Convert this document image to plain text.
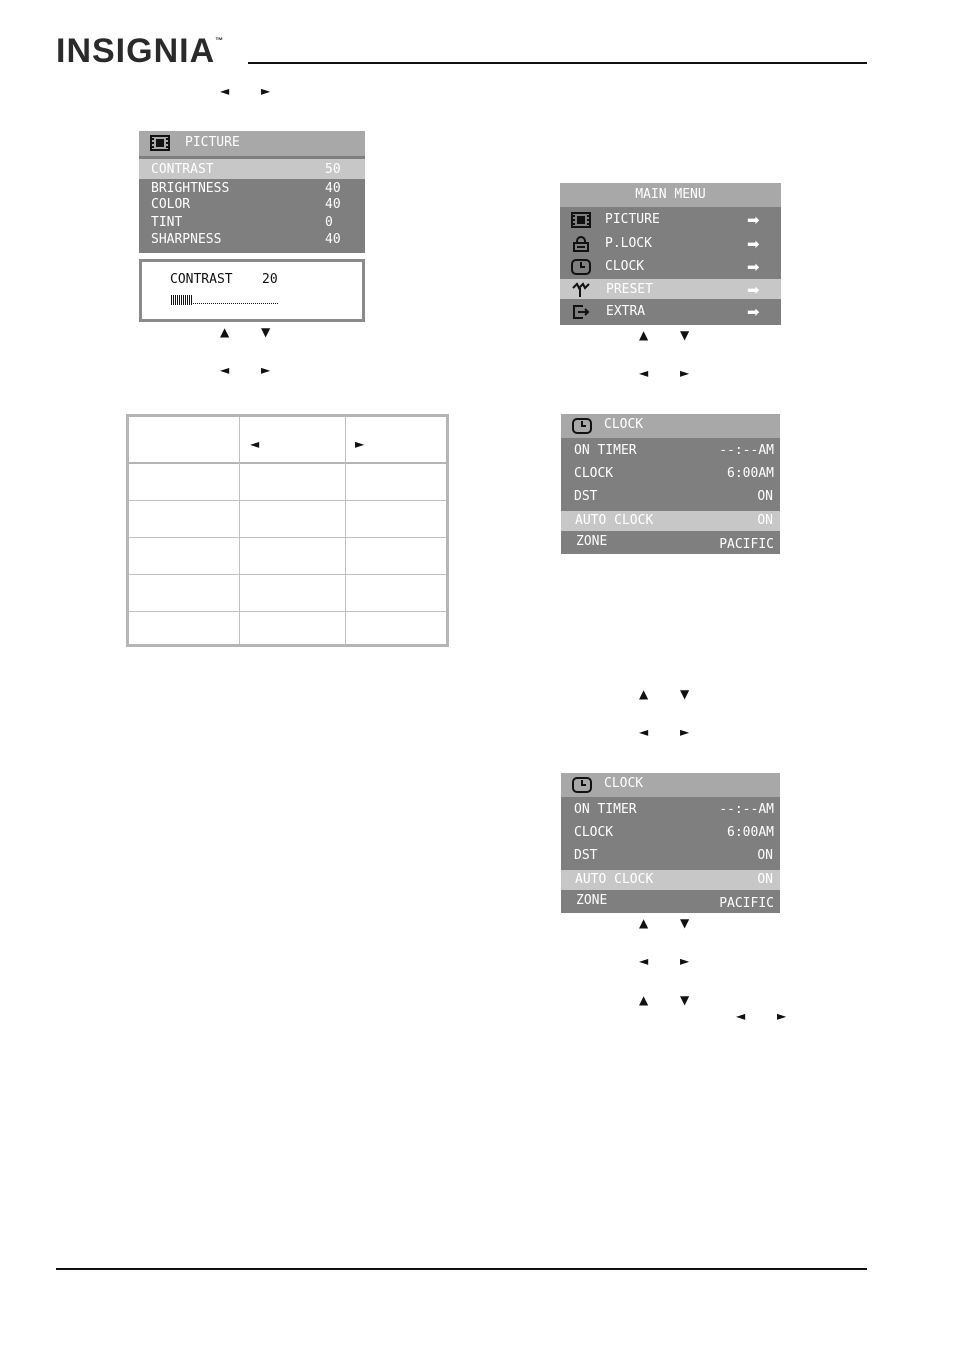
INSIGNIA™
◄	►
PICTURE
CONTRAST	50
BRIGHTNESS	40
COLOR	40
TINT	0
SHARPNESS	40
CONTRAST 20
▲	▼
◄	►
◄	►
MAIN MENU
PICTURE	➡
P.LOCK	➡
CLOCK	➡
PRESET	➡
EXTRA	➡
▲	▼
◄	►
CLOCK
ON TIMER	--:--AM
CLOCK	6:00AM
DST	ON
AUTO CLOCK	ON
ZONE	PACIFIC
▲	▼
◄	►
CLOCK
ON TIMER	--:--AM
CLOCK	6:00AM
DST	ON
AUTO CLOCK	ON
ZONE	PACIFIC
▲	▼
◄	►
▲	▼
◄	►
